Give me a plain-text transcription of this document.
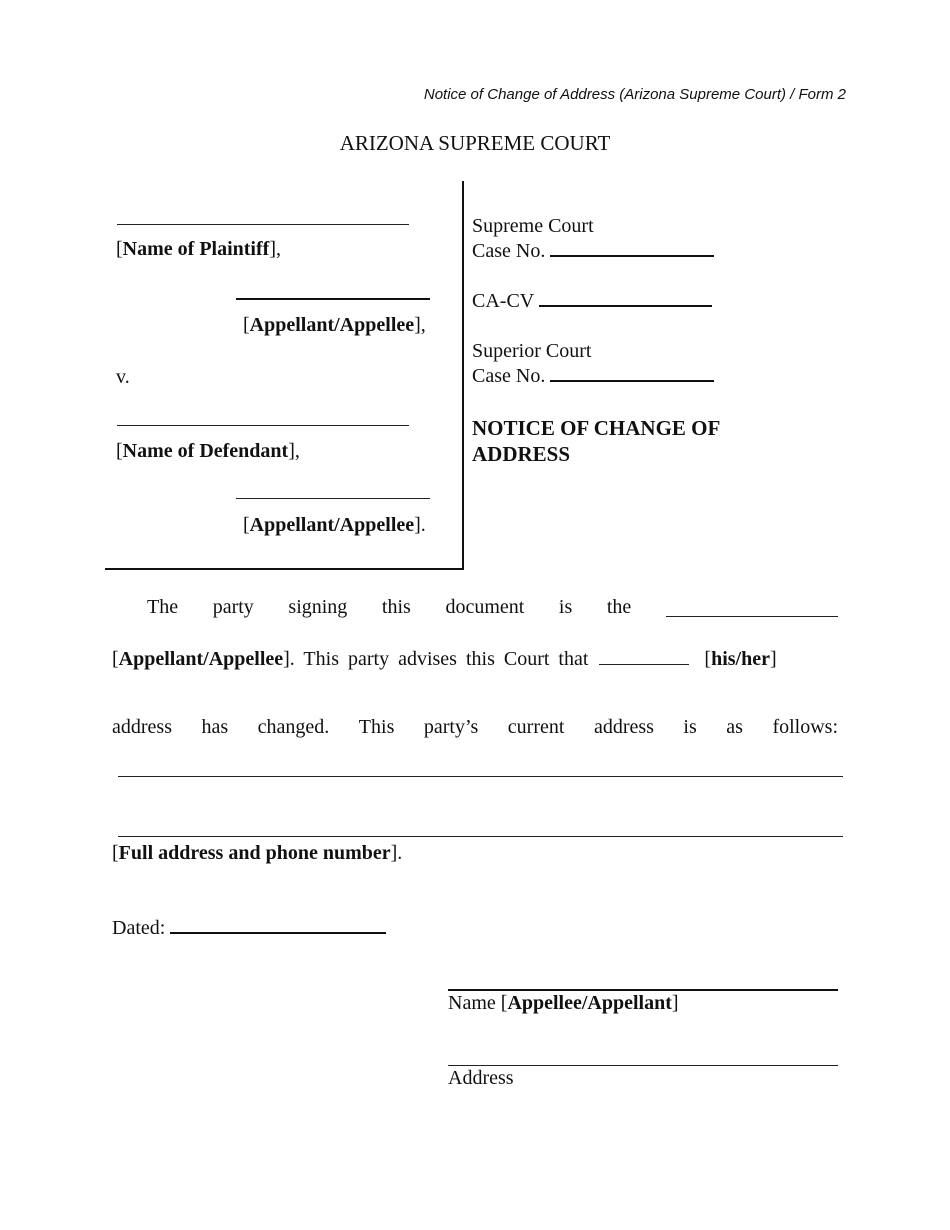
Notice of Change of Address (Arizona Supreme Court) / Form 2
ARIZONA SUPREME COURT
[Name of Plaintiff],
[Appellant/Appellee],
v.
[Name of Defendant],
[Appellant/Appellee].
Supreme Court
Case No.
CA-CV
Superior Court
Case No.
NOTICE OF CHANGE OF
ADDRESS
The party signing this document is the
[Appellant/Appellee]. This party advises this Court that	[his/her]
address has changed. This party’s current address is as follows:
[Full address and phone number].
Dated:
Name [Appellee/Appellant]
Address
